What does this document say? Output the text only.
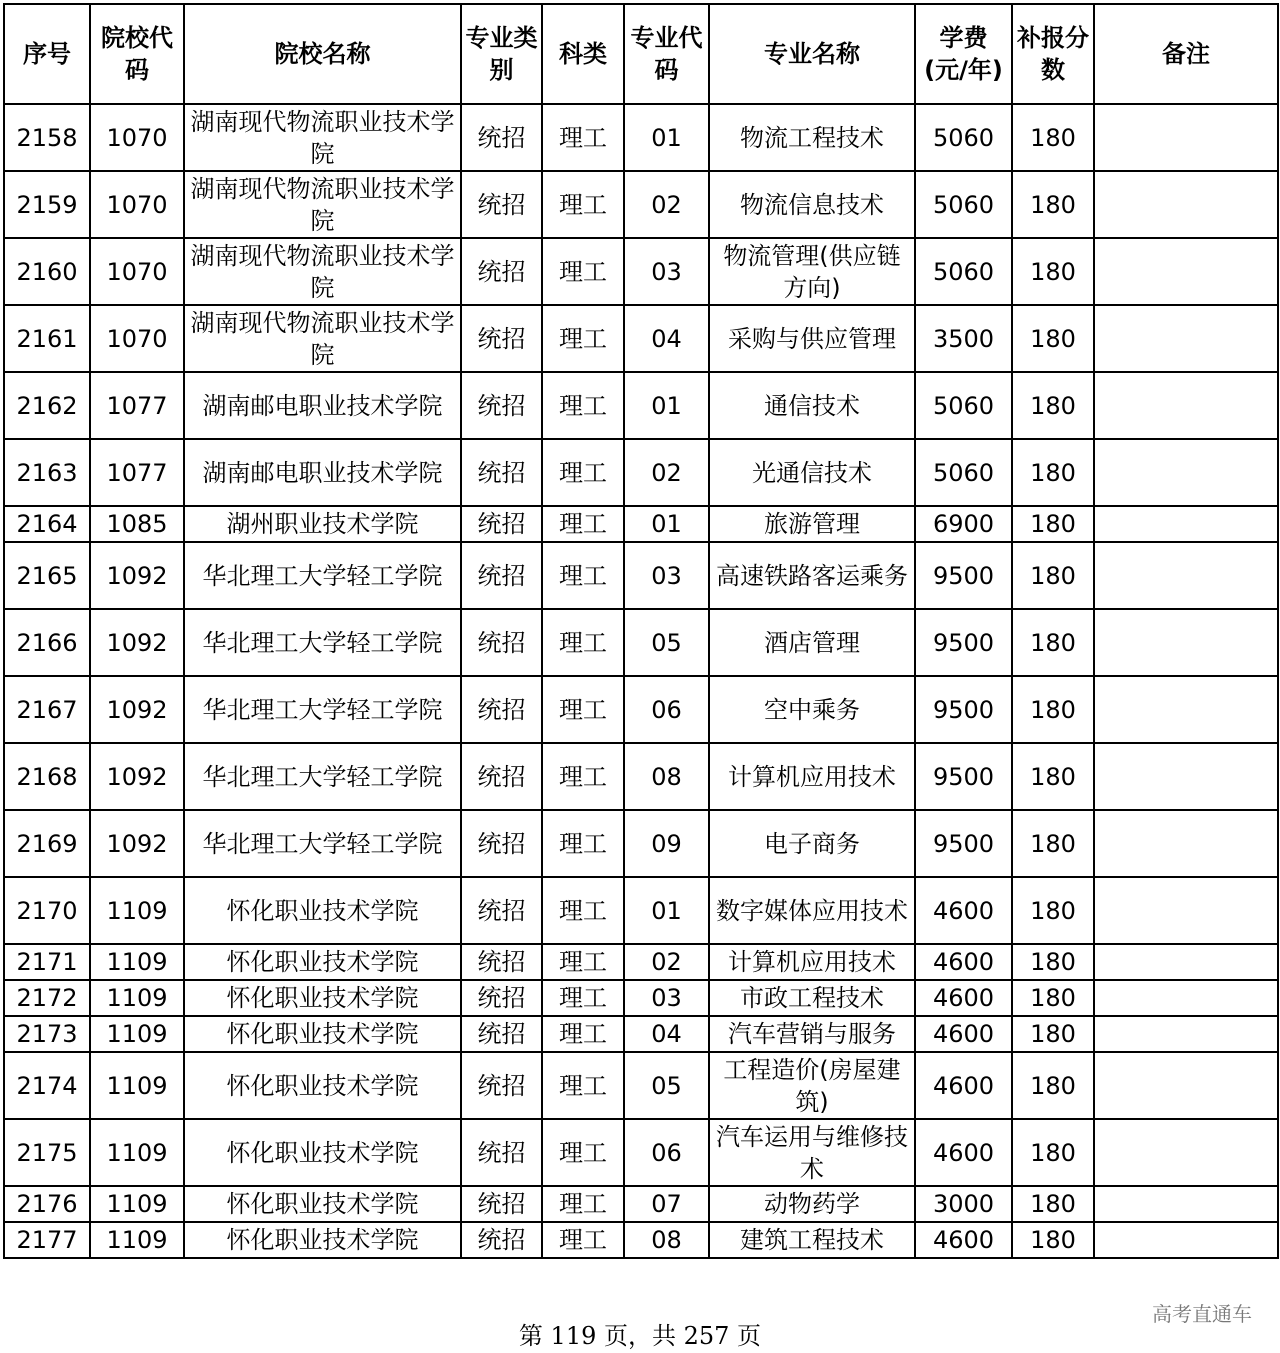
序号	院校代码	院校名称	专业类别	科类	专业代码	专业名称	学费(元/年)	补报分数	备注
2158	1070	湖南现代物流职业技术学院	统招	理工	01	物流工程技术	5060	180	
2159	1070	湖南现代物流职业技术学院	统招	理工	02	物流信息技术	5060	180	
2160	1070	湖南现代物流职业技术学院	统招	理工	03	物流管理(供应链方向)	5060	180	
2161	1070	湖南现代物流职业技术学院	统招	理工	04	采购与供应管理	3500	180	
2162	1077	湖南邮电职业技术学院	统招	理工	01	通信技术	5060	180	
2163	1077	湖南邮电职业技术学院	统招	理工	02	光通信技术	5060	180	
2164	1085	湖州职业技术学院	统招	理工	01	旅游管理	6900	180	
2165	1092	华北理工大学轻工学院	统招	理工	03	高速铁路客运乘务	9500	180	
2166	1092	华北理工大学轻工学院	统招	理工	05	酒店管理	9500	180	
2167	1092	华北理工大学轻工学院	统招	理工	06	空中乘务	9500	180	
2168	1092	华北理工大学轻工学院	统招	理工	08	计算机应用技术	9500	180	
2169	1092	华北理工大学轻工学院	统招	理工	09	电子商务	9500	180	
2170	1109	怀化职业技术学院	统招	理工	01	数字媒体应用技术	4600	180	
2171	1109	怀化职业技术学院	统招	理工	02	计算机应用技术	4600	180	
2172	1109	怀化职业技术学院	统招	理工	03	市政工程技术	4600	180	
2173	1109	怀化职业技术学院	统招	理工	04	汽车营销与服务	4600	180	
2174	1109	怀化职业技术学院	统招	理工	05	工程造价(房屋建筑)	4600	180	
2175	1109	怀化职业技术学院	统招	理工	06	汽车运用与维修技术	4600	180	
2176	1109	怀化职业技术学院	统招	理工	07	动物药学	3000	180	
2177	1109	怀化职业技术学院	统招	理工	08	建筑工程技术	4600	180	
第 119 页，共 257 页
高考直通车
